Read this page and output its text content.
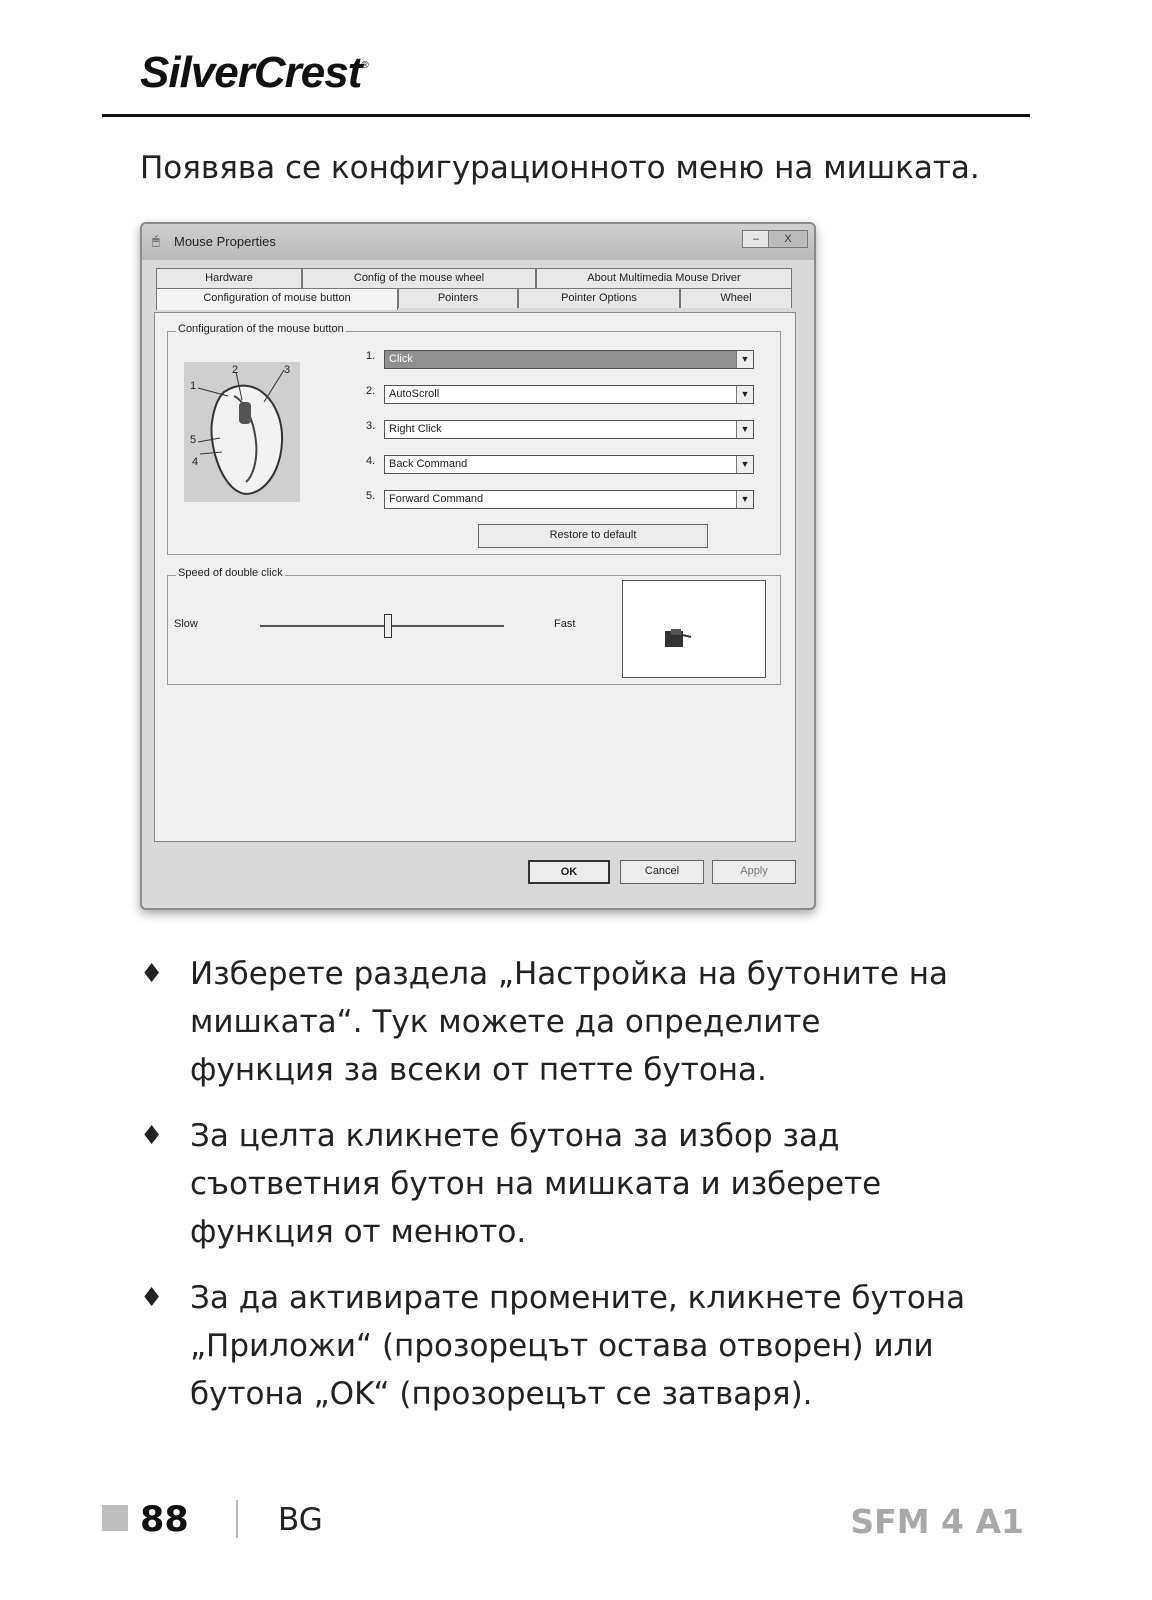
SilverCrest®
Появява се конфигурационното меню на мишката.
🖱 Mouse Properties	–	X
Hardware	Config of the mouse wheel	About Multimedia Mouse Driver
Configuration of mouse button	Pointers	Pointer Options	Wheel
Configuration of the mouse button
1
2	3
4
5
1. Click	▼
2. AutoScroll	▼
3. Right Click	▼
4. Back Command	▼
5. Forward Command	▼
Restore to default
Speed of double click
Slow	Fast
OK	Cancel	Apply
♦ Изберете раздела „Настройка на бутоните на мишката“. Тук можете да определите функция за всеки от петте бутона.
♦ За целта кликнете бутона за избор зад съответния бутон на мишката и изберете функция от менюто.
♦ За да активирате промените, кликнете бутона „Приложи“ (прозорецът остава отворен) или бутона „OK“ (прозорецът се затваря).
88	BG	SFM 4 A1
